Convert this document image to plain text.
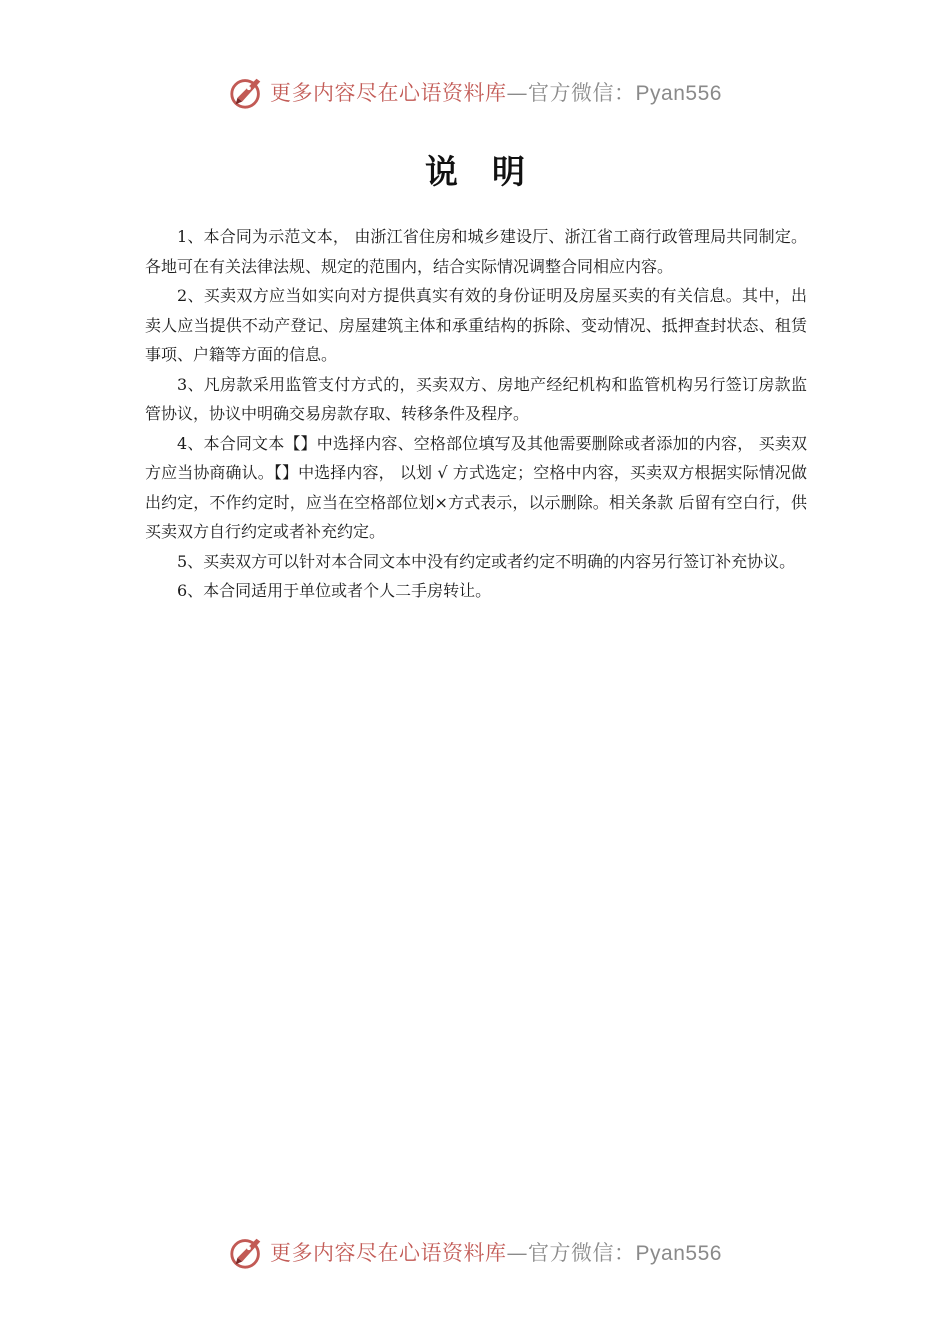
更多内容尽在心语资料库—官方微信：Pyan556
说明

1、本合同为示范文本， 由浙江省住房和城乡建设厅、浙江省工商行政管理局共同制定。各地可在有关法律法规、规定的范围内，结合实际情况调整合同相应内容。

2、买卖双方应当如实向对方提供真实有效的身份证明及房屋买卖的有关信息。其中，出卖人应当提供不动产登记、房屋建筑主体和承重结构的拆除、变动情况、抵押查封状态、租赁事项、户籍等方面的信息。

3、凡房款采用监管支付方式的，买卖双方、房地产经纪机构和监管机构另行签订房款监管协议，协议中明确交易房款存取、转移条件及程序。

4、本合同文本【】中选择内容、空格部位填写及其他需要删除或者添加的内容， 买卖双方应当协商确认。【】中选择内容， 以划 √ 方式选定；空格中内容，买卖双方根据实际情况做出约定，不作约定时，应当在空格部位划×方式表示，以示删除。相关条款 后留有空白行，供买卖双方自行约定或者补充约定。

5、买卖双方可以针对本合同文本中没有约定或者约定不明确的内容另行签订补充协议。

6、本合同适用于单位或者个人二手房转让。

更多内容尽在心语资料库—官方微信：Pyan556
